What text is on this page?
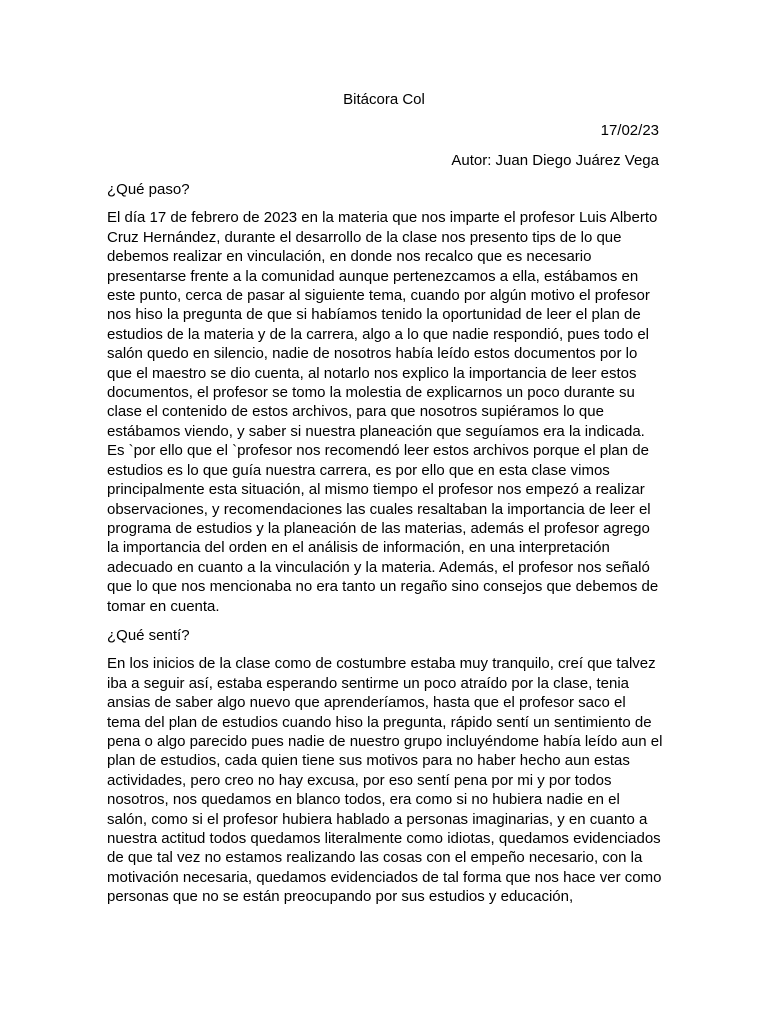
Bitácora Col
17/02/23
Autor: Juan Diego Juárez Vega
¿Qué paso?
El día 17 de febrero de 2023 en la materia que nos imparte el profesor Luis Alberto Cruz Hernández, durante el desarrollo de la clase nos presento tips de lo que debemos realizar en vinculación, en donde nos recalco que es necesario presentarse frente a la comunidad aunque pertenezcamos a ella, estábamos en este punto, cerca de pasar al siguiente tema, cuando por algún motivo el profesor nos hiso la pregunta de que si habíamos tenido la oportunidad de leer el plan de estudios de la materia y de la carrera, algo a lo que nadie respondió, pues todo el salón quedo en silencio, nadie de nosotros había leído estos documentos por lo que el maestro se dio cuenta, al notarlo nos explico la importancia de leer estos documentos, el profesor se tomo la molestia de explicarnos un poco durante su clase el contenido de estos archivos, para que nosotros supiéramos lo que estábamos viendo, y saber si nuestra planeación que seguíamos era la indicada. Es `por ello que el `profesor nos recomendó leer estos archivos porque el plan de estudios es lo que guía nuestra carrera, es por ello que en esta clase vimos principalmente esta situación, al mismo tiempo el profesor nos empezó a realizar observaciones, y recomendaciones las cuales resaltaban la importancia de leer el programa de estudios y la planeación de las materias, además el profesor agrego la importancia del orden en el análisis de información, en una interpretación adecuado en cuanto a la vinculación y la materia. Además, el profesor nos señaló que lo que nos mencionaba no era tanto un regaño sino consejos que debemos de tomar en cuenta.
¿Qué sentí?
En los inicios de la clase como de costumbre estaba muy tranquilo, creí que talvez iba a seguir así, estaba esperando sentirme un poco atraído por la clase, tenia ansias de saber algo nuevo que aprenderíamos, hasta que el profesor saco el tema del plan de estudios cuando hiso la pregunta, rápido sentí un sentimiento de pena o algo parecido pues nadie de nuestro grupo incluyéndome había leído aun el plan de estudios, cada quien tiene sus motivos para no haber hecho aun estas actividades, pero creo no hay excusa, por eso sentí pena por mi y por todos nosotros, nos quedamos en blanco todos, era como si no hubiera nadie en el salón, como si el profesor hubiera hablado a personas imaginarias, y en cuanto a nuestra actitud todos quedamos literalmente como idiotas, quedamos evidenciados de que tal vez no estamos realizando las cosas con el empeño necesario, con la motivación necesaria, quedamos evidenciados de tal forma que nos hace ver como personas que no se están preocupando por sus estudios y educación,
